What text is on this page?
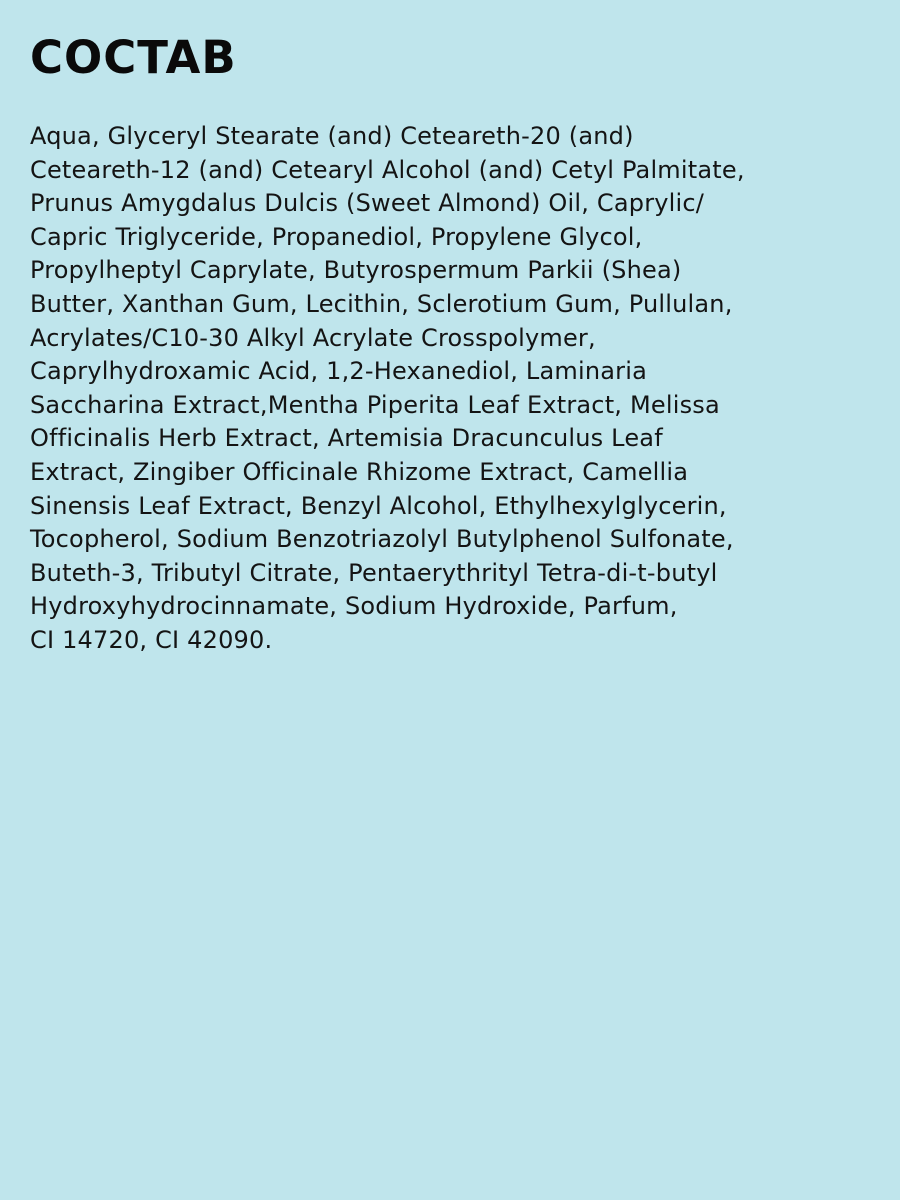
COCTAB
Aqua, Glyceryl Stearate (and) Ceteareth-20 (and)
Ceteareth-12 (and) Cetearyl Alcohol (and) Cetyl Palmitate,
Prunus Amygdalus Dulcis (Sweet Almond) Oil, Caprylic/
Capric Triglyceride, Propanediol, Propylene Glycol,
Propylheptyl Caprylate, Butyrospermum Parkii (Shea)
Butter, Xanthan Gum, Lecithin, Sclerotium Gum, Pullulan,
Acrylates/C10-30 Alkyl Acrylate Crosspolymer,
Caprylhydroxamic Acid, 1,2-Hexanediol, Laminaria
Saccharina Extract,Mentha Piperita Leaf Extract, Melissa
Officinalis Herb Extract, Artemisia Dracunculus Leaf
Extract, Zingiber Officinale Rhizome Extract, Camellia
Sinensis Leaf Extract, Benzyl Alcohol, Ethylhexylglycerin,
Tocopherol, Sodium Benzotriazolyl Butylphenol Sulfonate,
Buteth-3, Tributyl Citrate, Pentaerythrityl Tetra-di-t-butyl
Hydroxyhydrocinnamate, Sodium Hydroxide, Parfum,
CI 14720, CI 42090.
